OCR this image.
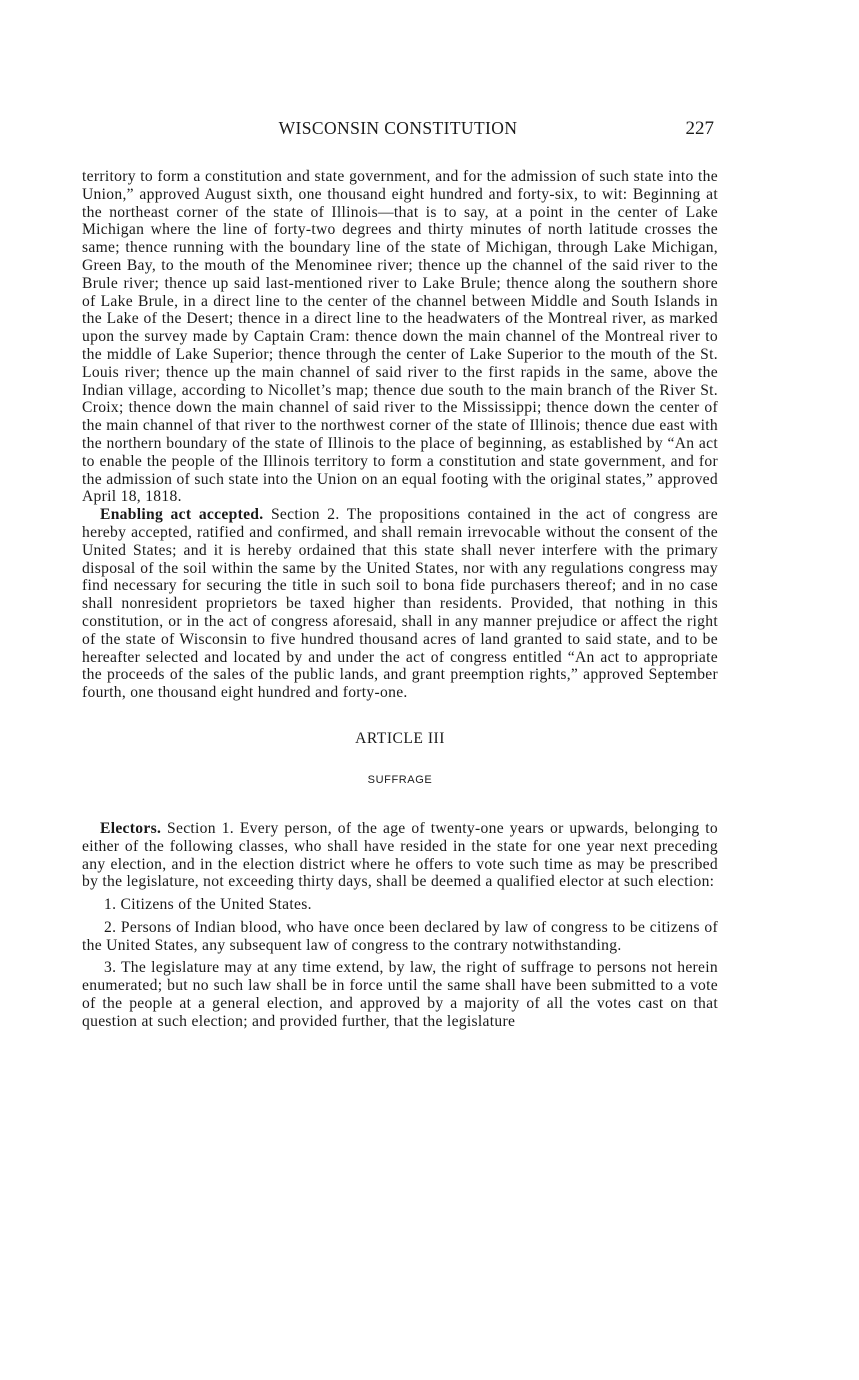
WISCONSIN CONSTITUTION	227

territory to form a constitution and state government, and for the admission of such state into the Union,” approved August sixth, one thousand eight hundred and forty-six, to wit: Beginning at the northeast corner of the state of Illinois—that is to say, at a point in the center of Lake Michigan where the line of forty-two degrees and thirty minutes of north latitude crosses the same; thence running with the boundary line of the state of Michigan, through Lake Michigan, Green Bay, to the mouth of the Menominee river; thence up the channel of the said river to the Brule river; thence up said last-mentioned river to Lake Brule; thence along the southern shore of Lake Brule, in a direct line to the center of the channel between Middle and South Islands in the Lake of the Desert; thence in a direct line to the headwaters of the Montreal river, as marked upon the survey made by Captain Cram: thence down the main channel of the Montreal river to the middle of Lake Superior; thence through the center of Lake Superior to the mouth of the St. Louis river; thence up the main channel of said river to the first rapids in the same, above the Indian village, according to Nicollet’s map; thence due south to the main branch of the River St. Croix; thence down the main channel of said river to the Mississippi; thence down the center of the main channel of that river to the northwest corner of the state of Illinois; thence due east with the northern boundary of the state of Illinois to the place of beginning, as established by “An act to enable the people of the Illinois territory to form a constitution and state government, and for the admission of such state into the Union on an equal footing with the original states,” approved April 18, 1818.

Enabling act accepted. Section 2. The propositions contained in the act of congress are hereby accepted, ratified and confirmed, and shall remain irrevocable without the consent of the United States; and it is hereby ordained that this state shall never interfere with the primary disposal of the soil within the same by the United States, nor with any regulations congress may find necessary for securing the title in such soil to bona fide purchasers thereof; and in no case shall nonresident proprietors be taxed higher than residents. Provided, that nothing in this constitution, or in the act of congress aforesaid, shall in any manner prejudice or affect the right of the state of Wisconsin to five hundred thousand acres of land granted to said state, and to be hereafter selected and located by and under the act of congress entitled “An act to appropriate the proceeds of the sales of the public lands, and grant preemption rights,” approved September fourth, one thousand eight hundred and forty-one.

ARTICLE III
SUFFRAGE

Electors. Section 1. Every person, of the age of twenty-one years or upwards, belonging to either of the following classes, who shall have resided in the state for one year next preceding any election, and in the election district where he offers to vote such time as may be prescribed by the legislature, not exceeding thirty days, shall be deemed a qualified elector at such election:

1. Citizens of the United States.

2. Persons of Indian blood, who have once been declared by law of congress to be citizens of the United States, any subsequent law of congress to the contrary notwithstanding.

3. The legislature may at any time extend, by law, the right of suffrage to persons not herein enumerated; but no such law shall be in force until the same shall have been submitted to a vote of the people at a general election, and approved by a majority of all the votes cast on that question at such election; and provided further, that the legislature
